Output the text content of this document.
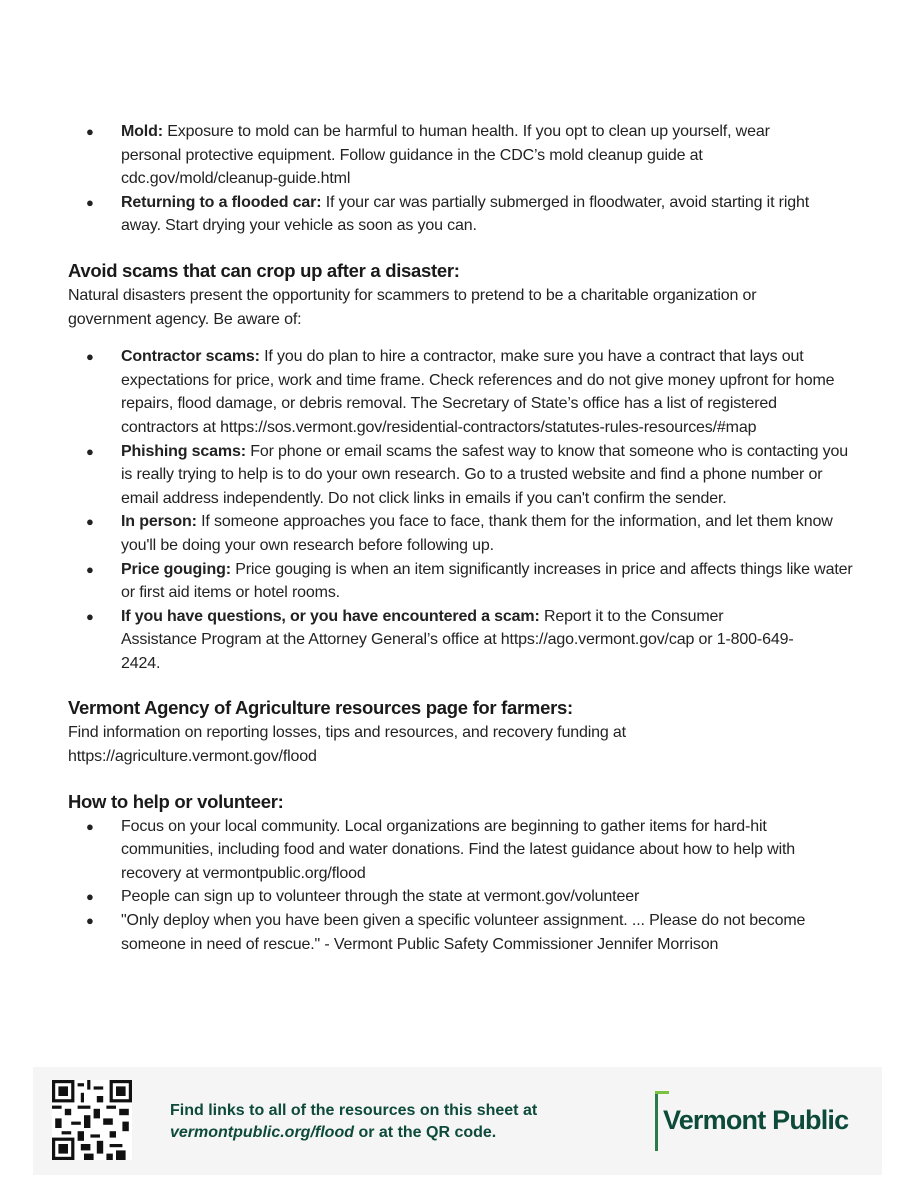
● Mold: Exposure to mold can be harmful to human health. If you opt to clean up yourself, wear personal protective equipment. Follow guidance in the CDC’s mold cleanup guide at cdc.gov/mold/cleanup-guide.html
● Returning to a flooded car: If your car was partially submerged in floodwater, avoid starting it right away. Start drying your vehicle as soon as you can.
Avoid scams that can crop up after a disaster:

Natural disasters present the opportunity for scammers to pretend to be a charitable organization or government agency. Be aware of:

● Contractor scams: If you do plan to hire a contractor, make sure you have a contract that lays out expectations for price, work and time frame. Check references and do not give money upfront for home repairs, flood damage, or debris removal. The Secretary of State’s office has a list of registered contractors at https://sos.vermont.gov/residential-contractors/statutes-rules-resources/#map
● Phishing scams: For phone or email scams the safest way to know that someone who is contacting you is really trying to help is to do your own research. Go to a trusted website and find a phone number or email address independently. Do not click links in emails if you can't confirm the sender.
● In person: If someone approaches you face to face, thank them for the information, and let them know you'll be doing your own research before following up.
● Price gouging: Price gouging is when an item significantly increases in price and affects things like water or first aid items or hotel rooms.
● If you have questions, or you have encountered a scam: Report it to the Consumer Assistance Program at the Attorney General’s office at https://ago.vermont.gov/cap or 1-800-649-2424.
Vermont Agency of Agriculture resources page for farmers:

Find information on reporting losses, tips and resources, and recovery funding at https://agriculture.vermont.gov/flood

How to help or volunteer:
● Focus on your local community. Local organizations are beginning to gather items for hard-hit communities, including food and water donations. Find the latest guidance about how to help with recovery at vermontpublic.org/flood
● People can sign up to volunteer through the state at vermont.gov/volunteer
● "Only deploy when you have been given a specific volunteer assignment. ... Please do not become someone in need of rescue." - Vermont Public Safety Commissioner Jennifer Morrison
Find links to all of the resources on this sheet at
vermontpublic.org/flood or at the QR code.	Vermont Public
